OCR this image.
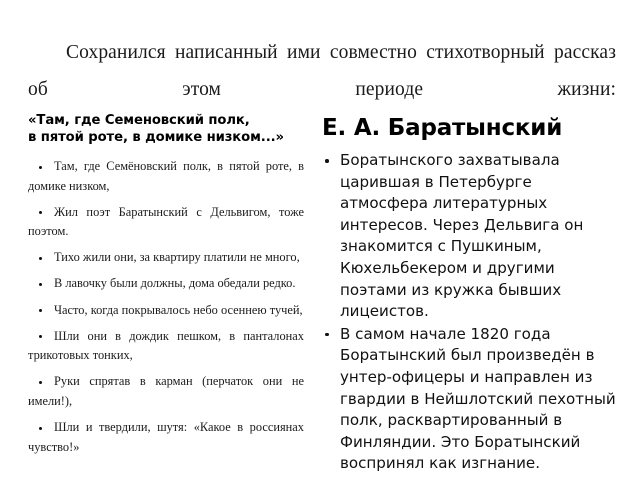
Сохранился написанный ими совместно стихотворный рассказ об этом периоде жизни:

«Там, где Семеновский полк,
в пятой роте, в домике низком...»
Там, где Семёновский полк, в пятой роте, в домике низком,
Жил поэт Баратынский с Дельвигом, тоже поэтом.
Тихо жили они, за квартиру платили не много,
В лавочку были должны, дома обедали редко.
Часто, когда покрывалось небо осеннею тучей,
Шли они в дождик пешком, в панталонах трикотовых тонких,
Руки спрятав в карман (перчаток они не имели!),
Шли и твердили, шутя: «Какое в россиянах чувство!»
Е. А. Баратынский
Боратынского захватывала царившая в Петербурге атмосфера литературных интересов. Через Дельвига он знакомится с Пушкиным, Кюхельбекером и другими поэтами из кружка бывших лицеистов.
В самом начале 1820 года Боратынский был произведён в унтер-офицеры и направлен из гвардии в Нейшлотский пехотный полк, расквартированный в Финляндии. Это Боратынский воспринял как изгнание.
